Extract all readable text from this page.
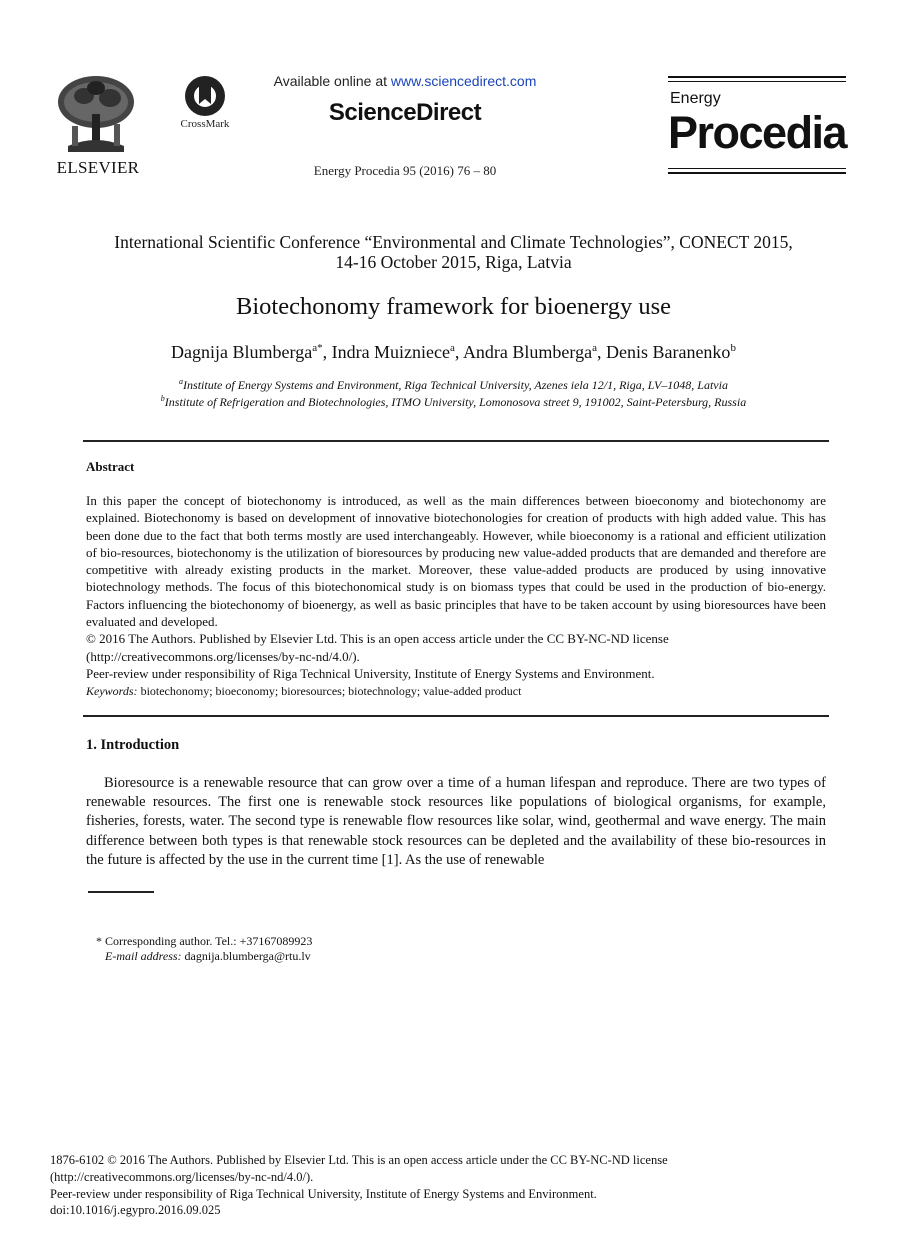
ELSEVIER
CrossMark
Available online at www.sciencedirect.com
ScienceDirect
Energy Procedia 95 (2016) 76 – 80
Energy
Procedia
International Scientific Conference “Environmental and Climate Technologies”, CONECT 2015,
14-16 October 2015, Riga, Latvia
Biotechonomy framework for bioenergy use
Dagnija Blumberga$^{a*}$, Indra Muizniece$^a$, Andra Blumberga$^a$, Denis Baranenko$^b$
$^a$Institute of Energy Systems and Environment, Riga Technical University, Azenes iela 12/1, Riga, LV–1048, Latvia
$^b$Institute of Refrigeration and Biotechnologies, ITMO University, Lomonosova street 9, 191002, Saint-Petersburg, Russia
Abstract

In this paper the concept of biotechonomy is introduced, as well as the main differences between bioeconomy and biotechonomy are explained. Biotechonomy is based on development of innovative biotechonologies for creation of products with high added value. This has been done due to the fact that both terms mostly are used interchangeably. However, while bioeconomy is a rational and efficient utilization of bio-resources, biotechonomy is the utilization of bioresources by producing new value-added products that are demanded and therefore are competitive with already existing products in the market. Moreover, these value-added products are produced by using innovative biotechnology methods. The focus of this biotechonomical study is on biomass types that could be used in the production of bio-energy. Factors influencing the biotechonomy of bioenergy, as well as basic principles that have to be taken account by using bioresources have been evaluated and developed.

© 2016 The Authors. Published by Elsevier Ltd. This is an open access article under the CC BY-NC-ND license

(http://creativecommons.org/licenses/by-nc-nd/4.0/).

Peer-review under responsibility of Riga Technical University, Institute of Energy Systems and Environment.

Keywords: biotechonomy; bioeconomy; bioresources; biotechnology; value-added product
1. Introduction

Bioresource is a renewable resource that can grow over a time of a human lifespan and reproduce. There are two types of renewable resources. The first one is renewable stock resources like populations of biological organisms, for example, fisheries, forests, water. The second type is renewable flow resources like solar, wind, geothermal and wave energy. The main difference between both types is that renewable stock resources can be depleted and the availability of these bio-resources in the future is affected by the use in the current time [1]. As the use of renewable

* Corresponding author. Tel.: +37167089923
E-mail address: dagnija.blumberga@rtu.lv
1876-6102 © 2016 The Authors. Published by Elsevier Ltd. This is an open access article under the CC BY-NC-ND license
(http://creativecommons.org/licenses/by-nc-nd/4.0/).
Peer-review under responsibility of Riga Technical University, Institute of Energy Systems and Environment.
doi:10.1016/j.egypro.2016.09.025
